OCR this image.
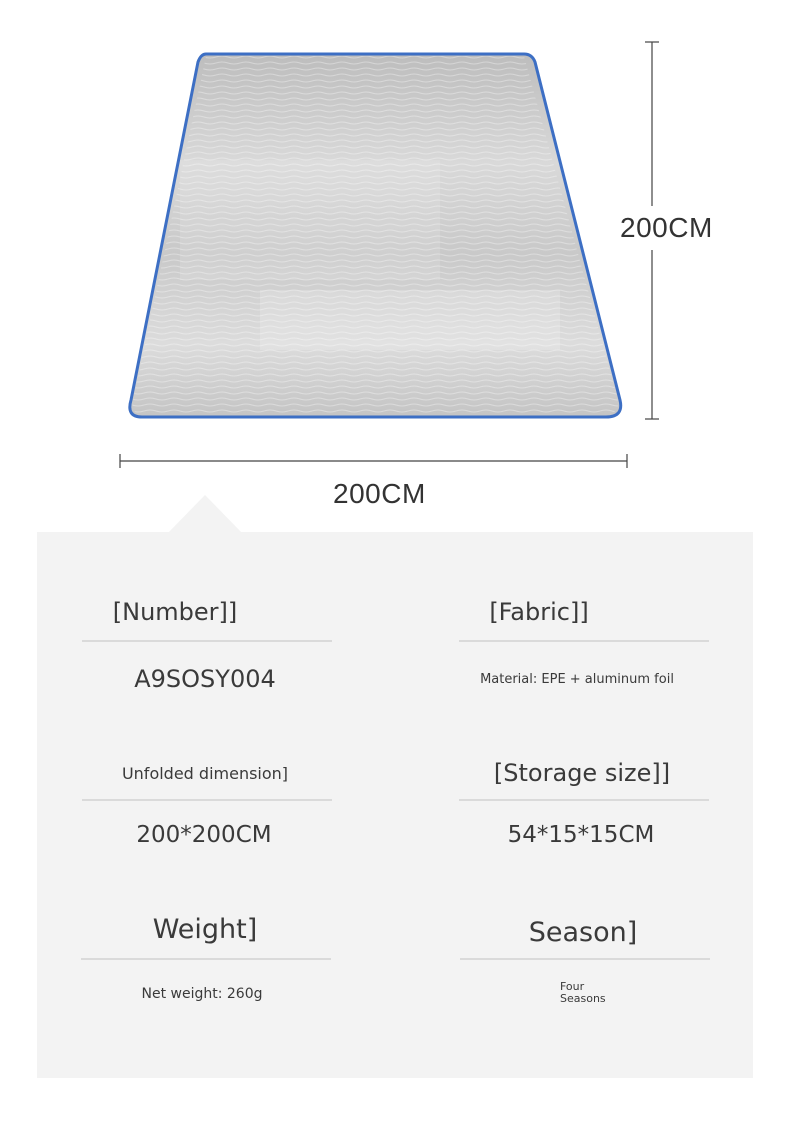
200CM
200CM
[Number]]
A9SOSY004
[Fabric]]
Material: EPE + aluminum foil
Unfolded dimension]
200*200CM
[Storage size]]
54*15*15CM
Weight]
Net weight: 260g
Season]
Four
Seasons
